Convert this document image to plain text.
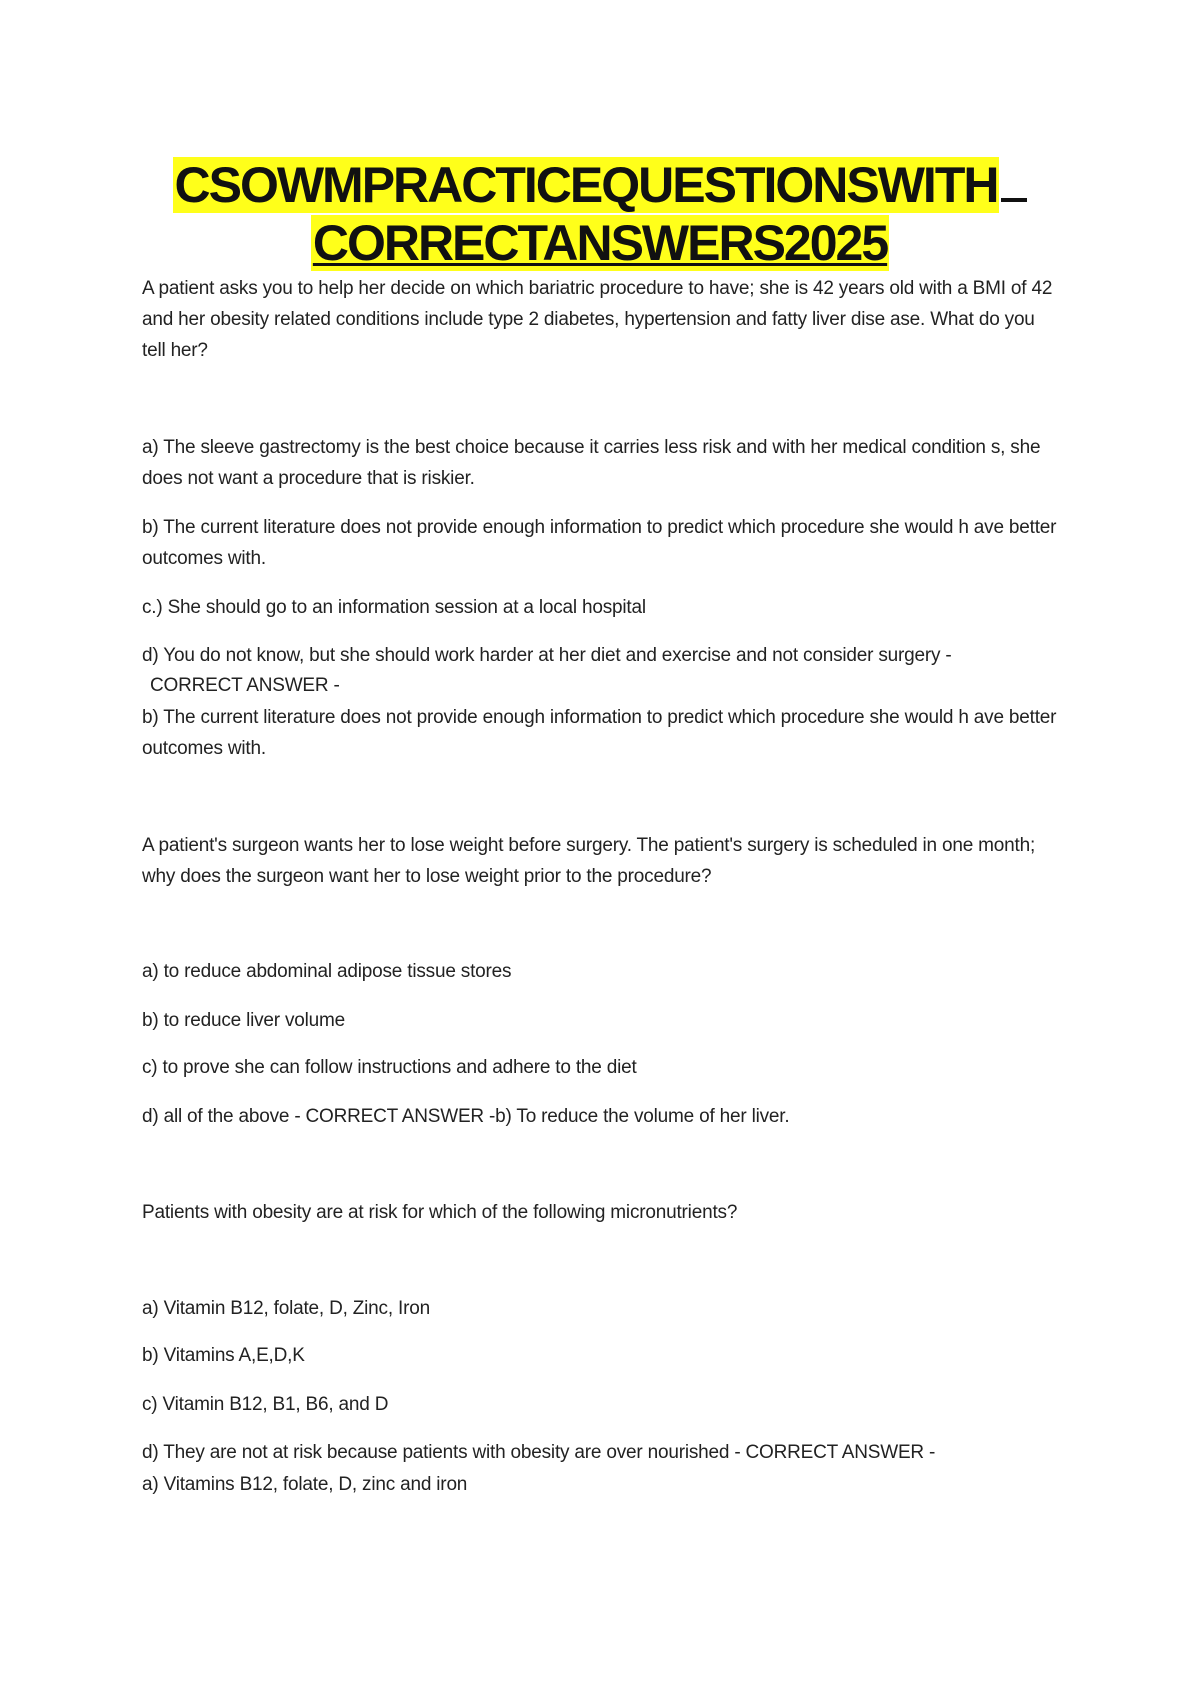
CSOWMPRACTICEQUESTIONSWITH
CORRECTANSWERS2025
A patient asks you to help her decide on which bariatric procedure to have; she is 42 years old with a BMI of 42 and her obesity related conditions include type 2 diabetes, hypertension and fatty liver dise ase. What do you tell her?
a) The sleeve gastrectomy is the best choice because it carries less risk and with her medical condition s, she does not want a procedure that is riskier.
b) The current literature does not provide enough information to predict which procedure she would h ave better outcomes with.
c.) She should go to an information session at a local hospital
d) You do not know, but she should work harder at her diet and exercise and not consider surgery -
CORRECT ANSWER -
b) The current literature does not provide enough information to predict which procedure she would h ave better outcomes with.
A patient's surgeon wants her to lose weight before surgery. The patient's surgery is scheduled in one month; why does the surgeon want her to lose weight prior to the procedure?
a) to reduce abdominal adipose tissue stores
b) to reduce liver volume
c) to prove she can follow instructions and adhere to the diet
d) all of the above - CORRECT ANSWER -b) To reduce the volume of her liver.
Patients with obesity are at risk for which of the following micronutrients?
a) Vitamin B12, folate, D, Zinc, Iron
b) Vitamins A,E,D,K
c) Vitamin B12, B1, B6, and D
d) They are not at risk because patients with obesity are over nourished - CORRECT ANSWER -
a) Vitamins B12, folate, D, zinc and iron
